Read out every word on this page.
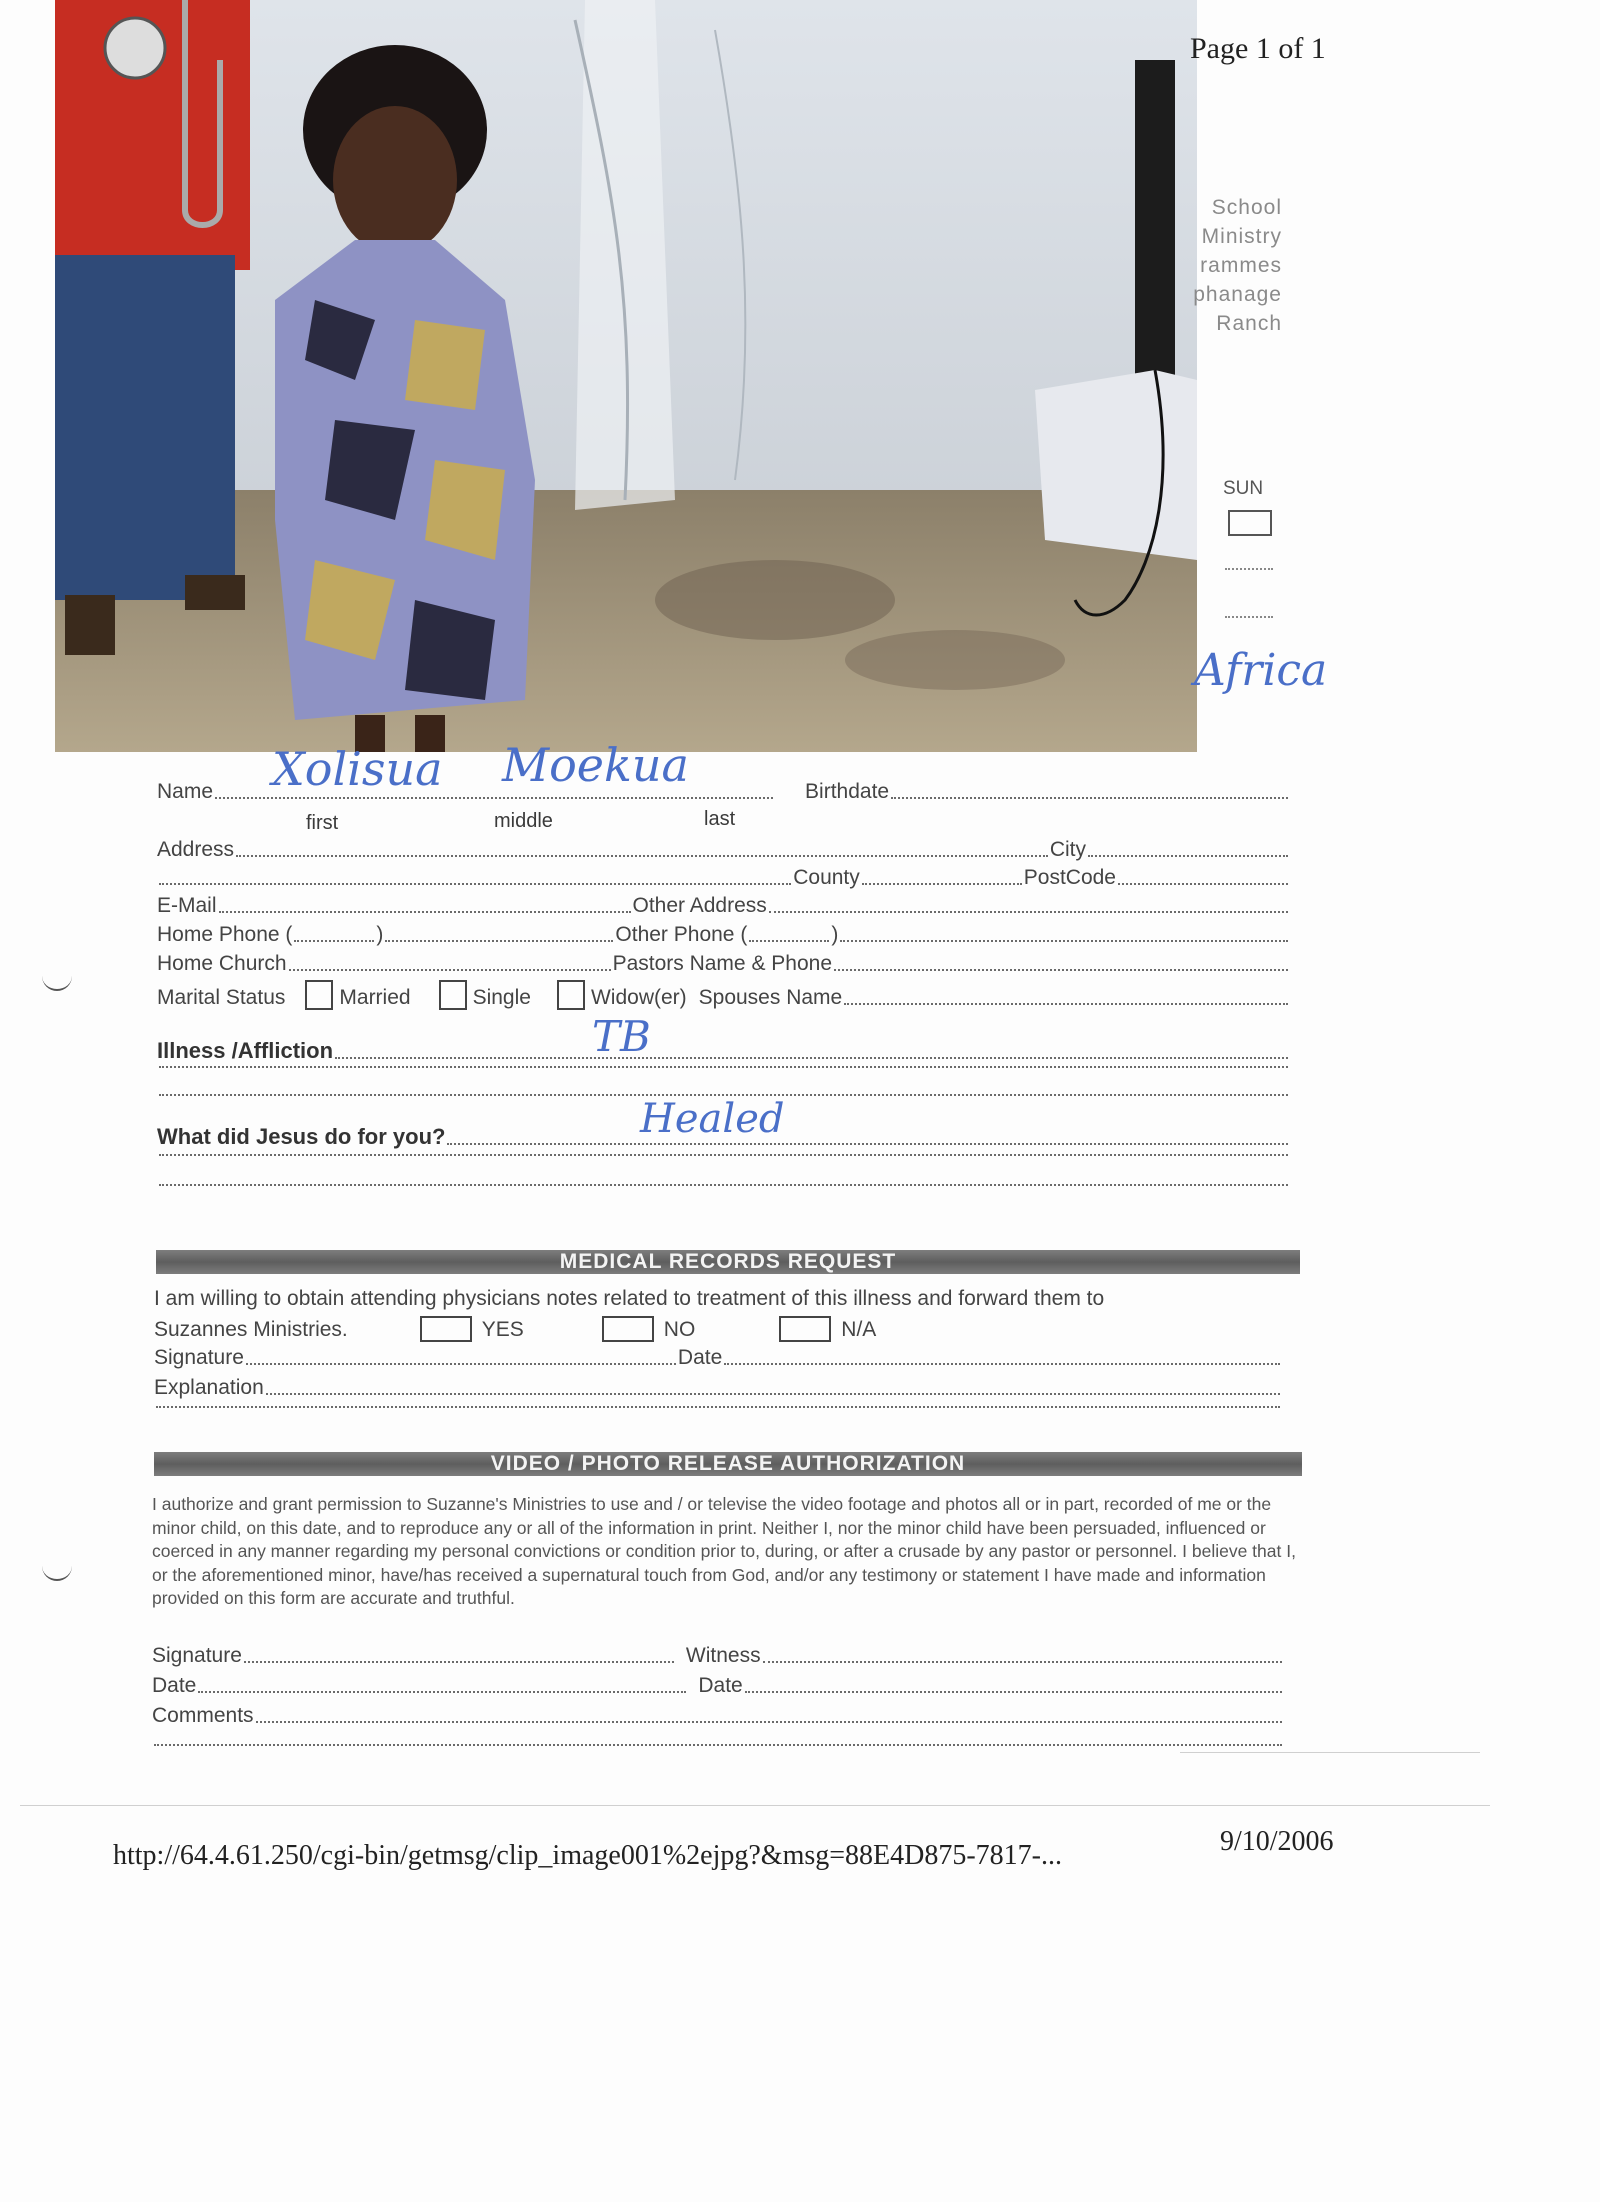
Page 1 of 1
School
Ministry
rammes
phanage
Ranch
SUN
Africa
Name	Birthdate
Xolisua Moekua
first	middle	last
Address	City
County	PostCode
E-Mail	Other Address
Home Phone (	)	Other Phone (	)
Home Church	Pastors Name & Phone
Marital Status	Married	Single	Widow(er) Spouses Name
Illness /Affliction	TB
What did Jesus do for you?	Healed
MEDICAL RECORDS REQUEST
I am willing to obtain attending physicians notes related to treatment of this illness and forward them to
Suzannes Ministries.	YES	NO	N/A
Signature	Date
Explanation
VIDEO / PHOTO RELEASE AUTHORIZATION
I authorize and grant permission to Suzanne's Ministries to use and / or televise the video footage and photos all or in part, recorded of me or the minor child, on this date, and to reproduce any or all of the information in print. Neither I, nor the minor child have been persuaded, influenced or coerced in any manner regarding my personal convictions or condition prior to, during, or after a crusade by any pastor or personnel. I believe that I, or the aforementioned minor, have/has received a supernatural touch from God, and/or any testimony or statement I have made and information provided on this form are accurate and truthful.
Signature	Witness
Date	Date
Comments
http://64.4.61.250/cgi-bin/getmsg/clip_image001%2ejpg?&msg=88E4D875-7817-...	9/10/2006
